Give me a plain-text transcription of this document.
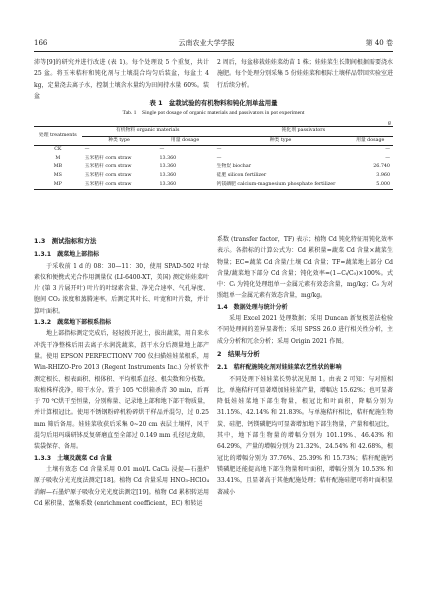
166	云南农业大学学报	第 40 卷

沛等[9]的研究并进行改进 (表 1)。每个处理设 5 个重复，共计 25 盆。将玉米秸秆和钝化剂与土壤混合均匀后装盆，每盆土 4 kg，定量浇去离子水，控制土壤含水量约为田间持水量 60%。装盆

2 周后，每盆移栽娃娃菜幼苗 1 株；娃娃菜生长期间根据需要浇水施肥。每个处理分别采集 5 份娃娃菜和根际土壤样品带回实验室进行后续分析。

表 1　盆栽试验的有机物料和钝化剂单盆用量
Tab. 1　Single pot dosage of organic materials and passivators in pot experiment
g
处理 treatments	有机物料 organic materials		钝化剂 passivators	
	种类 type	用量 dosage	种类 type	用量 dosage
CK	—	—	—	—
M	玉米秸秆 corn straw	13.360	—	—
MB	玉米秸秆 corn straw	13.360	生物炭 biochar	26.740
MS	玉米秸秆 corn straw	13.360	硅肥 silicon fertilizer	3.960
MP	玉米秸秆 corn straw	13.360	钙镁磷肥 calcium-magnesium phosphate fertilizer	5.000
1.3　测试指标和方法
1.3.1　蔬菜地上部指标

于采收前 1 d 的 08：30—11：30，使用 SPAD-502 叶绿素仪和便携式光合作用测量仪 (LI-6400-XT，美国) 测定娃娃菜叶片 (第 3 片展开叶) 叶片的叶绿素含量、净光合速率、气孔导度、胞间 CO₂ 浓度和蒸腾速率。后测定其叶长、叶宽和叶片数，并计算叶面积。

1.3.2　蔬菜地下部根系指标

地上部指标测定完成后，轻轻拨开泥土，拔出蔬菜，用自来水冲洗干净整株后用去离子水润洗蔬菜，沥干水分后测量地上部产量。使用 EPSON PERFECTIONV 700 仪扫描娃娃菜根系，用 Win-RHIZO-Pro 2013 (Regent Instruments Inc.) 分析软件测定根长、根表面积、根体积、平均根系直径、根尖数和分枝数。取植株样洗净，晾干水分。置于 105 ℃烘箱杀青 30 min，后再于 70 ℃烘干至恒量，分别称量、记录地上部和地下部干物质量，并计算根冠比。使用不锈钢粉碎机粉碎烘干样品并混匀，过 0.25 mm 筛后备用。娃娃菜收获后采集 0~20 cm 表层土壤样，风干混匀后用玛瑙研钵反复研磨直至全部过 0.149 mm 孔径尼龙筛，装袋保存、备用。

1.3.3　土壤及蔬菜 Cd 含量

土壤有效态 Cd 含量采用 0.01 mol/L CaCl₂ 浸提—石墨炉原子吸收分光光度法测定[18]。植物 Cd 含量采用 HNO₃-HClO₄ 消解—石墨炉原子吸收分光光度法测定[19]。植物 Cd 累积转运用 Cd 累积量、富集系数 (enrichment coefficient，EC) 和转运

系数 (transfer factor，TF) 表示；植物 Cd 钝化特征用钝化效率表示。各指标的计算公式为：Cd 累积量=蔬菜 Cd 含量×蔬菜生物量；EC=蔬菜 Cd 含量/土壤 Cd 含量；TF=蔬菜地上部分 Cd 含量/蔬菜地下部分 Cd 含量；钝化效率=(1−Cᵢ/C₀)×100%。式中：Cᵢ 为钝化处理组单一金属元素有效态含量，mg/kg；C₀ 为对照组单一金属元素有效态含量，mg/kg。

1.4　数据处理与统计分析

采用 Excel 2021 处理数据；采用 Duncan 新复极差法检验不同处理间的差异显著性；采用 SPSS 26.0 进行相关性分析，主成分分析和冗余分析；采用 Origin 2021 作图。

2　结果与分析
2.1　秸秆配施钝化剂对娃娃菜农艺性状的影响

不同处理下娃娃菜长势状况见图 1。由表 2 可知：与对照相比，单施秸秆可显著增加娃娃菜产量，增幅达 15.62%；也可显著降低娃娃菜地下部生物量，根冠比和叶面积，降幅分别为 31.15%、42.14% 和 21.83%。与单施秸秆相比，秸秆配施生物炭、硅肥、钙镁磷肥均可显著增加地下部生物量，产量和根冠比，其中，地下部生物量的增幅分别为 101.19%、46.43% 和 64.29%，产量的增幅分别为 21.32%、24.54% 和 42.68%，根冠比的增幅分别为 37.76%、25.39% 和 15.73%；秸秆配施钙镁磷肥还能提高地下部生物量和叶面积，增幅分别为 10.53% 和 33.41%，且显著高于其他配施处理；秸秆配施硅肥可将叶面积显著减小
